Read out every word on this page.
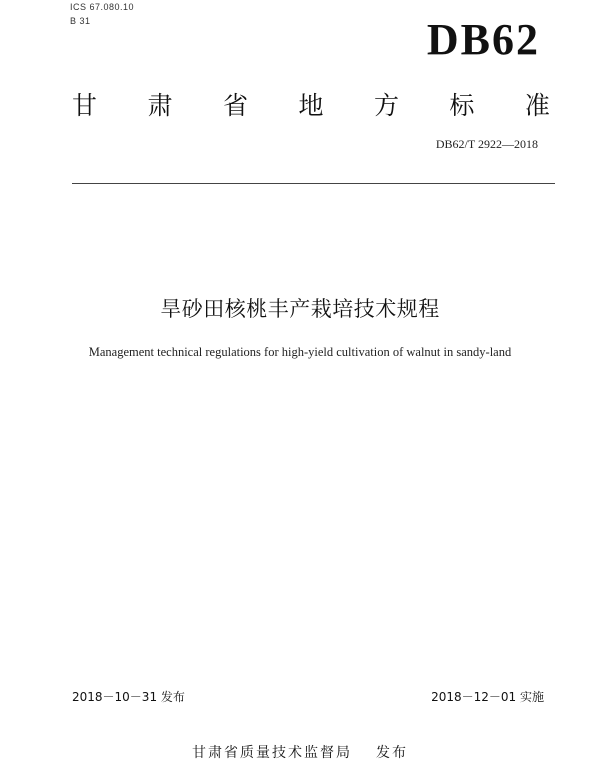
ICS 67.080.10
B 31	DB62
甘 肃 省 地 方 标 准
DB62/T 2922—2018
旱砂田核桃丰产栽培技术规程
Management technical regulations for high-yield cultivation of walnut in sandy-land
2018－10－31 发布	2018－12－01 实施
甘肃省质量技术监督局 发布
